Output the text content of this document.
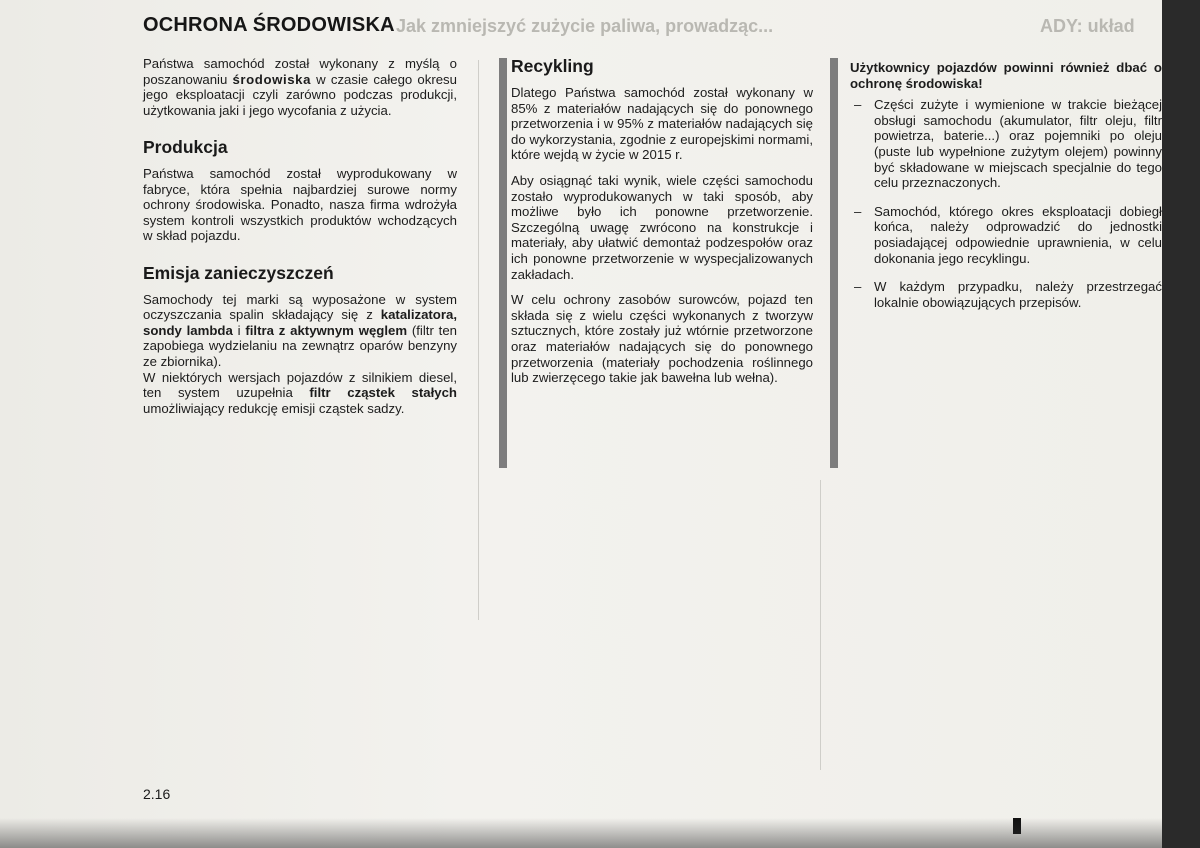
Jak zmniejszyć zużycie paliwa, prowadząc...	ADY: układ
OCHRONA ŚRODOWISKA

Państwa samochód został wykonany z myślą o poszanowaniu środowiska w czasie całego okresu jego eksploatacji czyli zarówno podczas produkcji, użytkowania jaki i jego wycofania z użycia.

Produkcja

Państwa samochód został wyprodukowany w fabryce, która spełnia najbardziej surowe normy ochrony środowiska. Ponadto, nasza firma wdrożyła system kontroli wszystkich produktów wchodzących w skład pojazdu.

Emisja zanieczyszczeń

Samochody tej marki są wyposażone w system oczyszczania spalin składający się z katalizatora, sondy lambda i filtra z aktywnym węglem (filtr ten zapobiega wydzielaniu na zewnątrz oparów benzyny ze zbiornika).

W niektórych wersjach pojazdów z silnikiem diesel, ten system uzupełnia filtr cząstek stałych umożliwiający redukcję emisji cząstek sadzy.

Recykling

Dlatego Państwa samochód został wykonany w 85% z materiałów nadających się do ponownego przetworzenia i w 95% z materiałów nadających się do wykorzystania, zgodnie z europejskimi normami, które wejdą w życie w 2015 r.

Aby osiągnąć taki wynik, wiele części samochodu zostało wyprodukowanych w taki sposób, aby możliwe było ich ponowne przetworzenie. Szczególną uwagę zwrócono na konstrukcje i materiały, aby ułatwić demontaż podzespołów oraz ich ponowne przetworzenie w wyspecjalizowanych zakładach.

W celu ochrony zasobów surowców, pojazd ten składa się z wielu części wykonanych z tworzyw sztucznych, które zostały już wtórnie przetworzone oraz materiałów nadających się do ponownego przetworzenia (materiały pochodzenia roślinnego lub zwierzęcego takie jak bawełna lub wełna).

Użytkownicy pojazdów powinni również dbać o ochronę środowiska!
– Części zużyte i wymienione w trakcie bieżącej obsługi samochodu (akumulator, filtr oleju, filtr powietrza, baterie...) oraz pojemniki po oleju (puste lub wypełnione zużytym olejem) powinny być składowane w miejscach specjalnie do tego celu przeznaczonych.
– Samochód, którego okres eksploatacji dobiegł końca, należy odprowadzić do jednostki posiadającej odpowiednie uprawnienia, w celu dokonania jego recyklingu.
– W każdym przypadku, należy przestrzegać lokalnie obowiązujących przepisów.
2.16
